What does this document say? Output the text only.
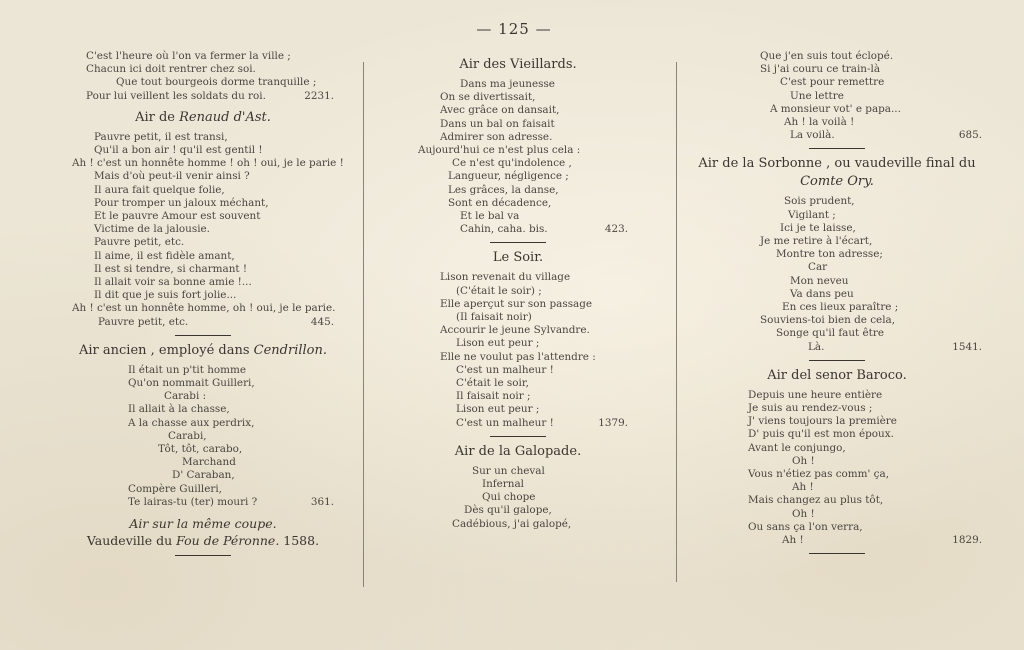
— 125 —
C'est l'heure où l'on va fermer la ville ;
Chacun ici doit rentrer chez soi.
Que tout bourgeois dorme tranquille ;
Pour lui veillent les soldats du roi.	2231.
Air de Renaud d'Ast.
Pauvre petit, il est transi,
Qu'il a bon air ! qu'il est gentil !
Ah ! c'est un honnête homme ! oh ! oui, je le parie !
Mais d'où peut-il venir ainsi ?
Il aura fait quelque folie,
Pour tromper un jaloux méchant,
Et le pauvre Amour est souvent
Victime de la jalousie.
Pauvre petit, etc.
Il aime, il est fidèle amant,
Il est si tendre, si charmant !
Il allait voir sa bonne amie !...
Il dit que je suis fort jolie...
Ah ! c'est un honnête homme, oh ! oui, je le parie.
Pauvre petit, etc.	445.
Air ancien , employé dans Cendrillon.
Il était un p'tit homme
Qu'on nommait Guilleri,
Carabi :
Il allait à la chasse,
A la chasse aux perdrix,
Carabi,
Tôt, tôt, carabo,
Marchand
D' Caraban,
Compère Guilleri,
Te lairas-tu (ter) mouri ?	361.
Air sur la même coupe.
Vaudeville du Fou de Péronne. 1588.
Air des Vieillards.
Dans ma jeunesse
On se divertissait,
Avec grâce on dansait,
Dans un bal on faisait
Admirer son adresse.
Aujourd'hui ce n'est plus cela :
Ce n'est qu'indolence ,
Langueur, négligence ;
Les grâces, la danse,
Sont en décadence,
Et le bal va
Cahin, caha. bis.	423.
Le Soir.
Lison revenait du village
(C'était le soir) ;
Elle aperçut sur son passage
(Il faisait noir)
Accourir le jeune Sylvandre.
Lison eut peur ;
Elle ne voulut pas l'attendre :
C'est un malheur !
C'était le soir,
Il faisait noir ;
Lison eut peur ;
C'est un malheur !	1379.
Air de la Galopade.
Sur un cheval
Infernal
Qui chope
Dès qu'il galope,
Cadébious, j'ai galopé,
Que j'en suis tout éclopé.
Si j'ai couru ce train-là
C'est pour remettre
Une lettre
A monsieur vot' e papa...
Ah ! la voilà !
La voilà.	685.
Air de la Sorbonne , ou vaudeville final du
Comte Ory.
Sois prudent,
Vigilant ;
Ici je te laisse,
Je me retire à l'écart,
Montre ton adresse;
Car
Mon neveu
Va dans peu
En ces lieux paraître ;
Souviens-toi bien de cela,
Songe qu'il faut être
Là.	1541.
Air del senor Baroco.
Depuis une heure entière
Je suis au rendez-vous ;
J' viens toujours la première
D' puis qu'il est mon époux.
Avant le conjungo,
Oh !
Vous n'étiez pas comm' ça,
Ah !
Mais changez au plus tôt,
Oh !
Ou sans ça l'on verra,
Ah !	1829.
